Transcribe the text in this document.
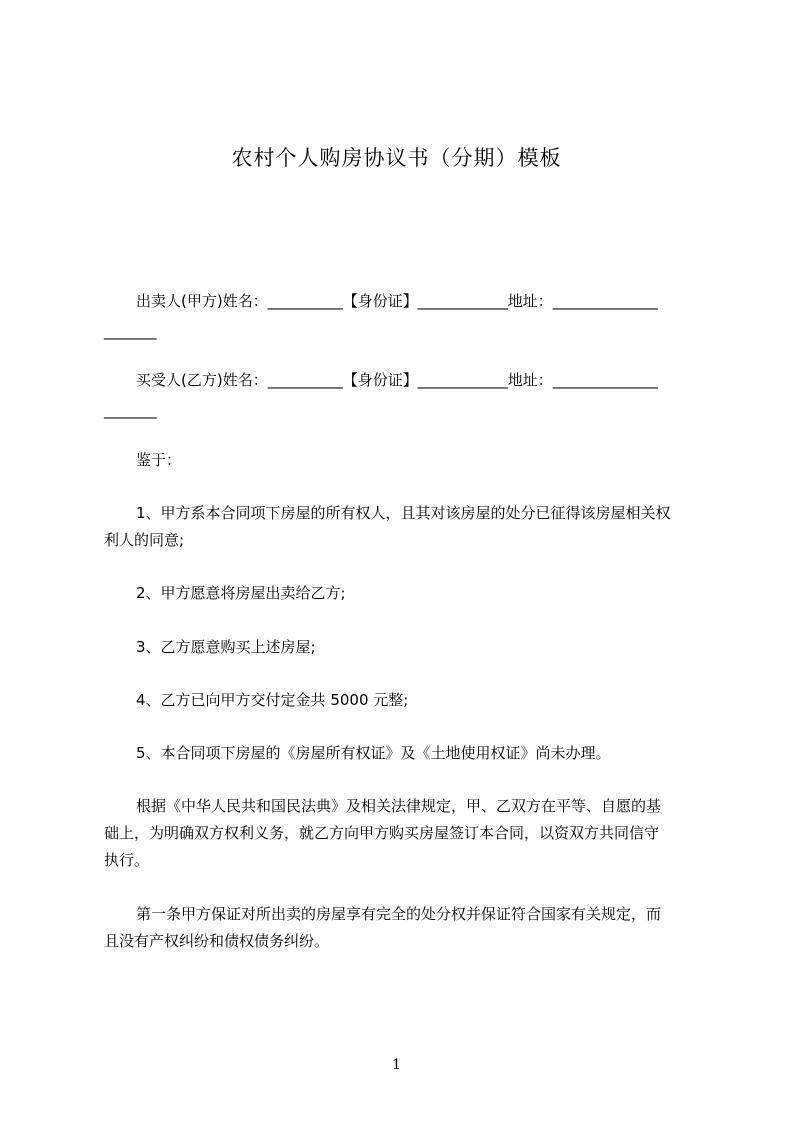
农村个人购房协议书（分期）模板
出卖人(甲方)姓名：__________【身份证】____________地址：______________
_______
买受人(乙方)姓名：__________【身份证】____________地址：______________
_______
鉴于：
1、甲方系本合同项下房屋的所有权人，且其对该房屋的处分已征得该房屋相关权
利人的同意;
2、甲方愿意将房屋出卖给乙方;
3、乙方愿意购买上述房屋;
4、乙方已向甲方交付定金共 5000 元整;
5、本合同项下房屋的《房屋所有权证》及《土地使用权证》尚未办理。
根据《中华人民共和国民法典》及相关法律规定，甲、乙双方在平等、自愿的基
础上，为明确双方权利义务，就乙方向甲方购买房屋签订本合同，以资双方共同信守
执行。
第一条甲方保证对所出卖的房屋享有完全的处分权并保证符合国家有关规定，而
且没有产权纠纷和债权债务纠纷。
1
